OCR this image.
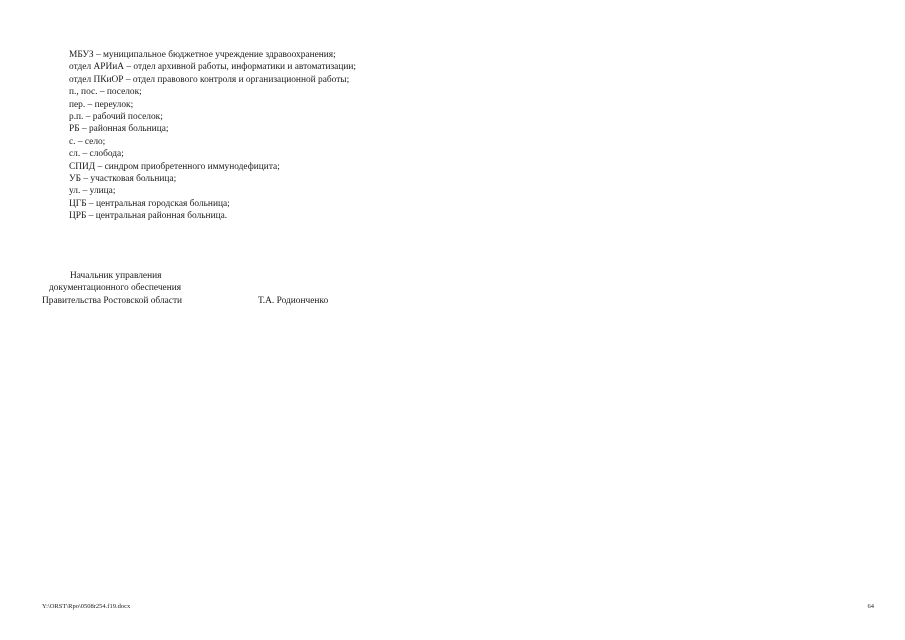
МБУЗ – муниципальное бюджетное учреждение здравоохранения;
отдел АРИиА – отдел архивной работы, информатики и автоматизации;
отдел ПКиОР – отдел правового контроля и организационной работы;
п., пос. – поселок;
пер. – переулок;
р.п. – рабочий поселок;
РБ – районная больница;
с. – село;
сл. – слобода;
СПИД – синдром приобретенного иммунодефицита;
УБ – участковая больница;
ул. – улица;
ЦГБ – центральная городская больница;
ЦРБ – центральная районная больница.
Начальник управления
документационного обеспечения
Правительства Ростовской области	Т.А. Родионченко
Y:\ORST\Rpo\0508r254.f19.docx	64
